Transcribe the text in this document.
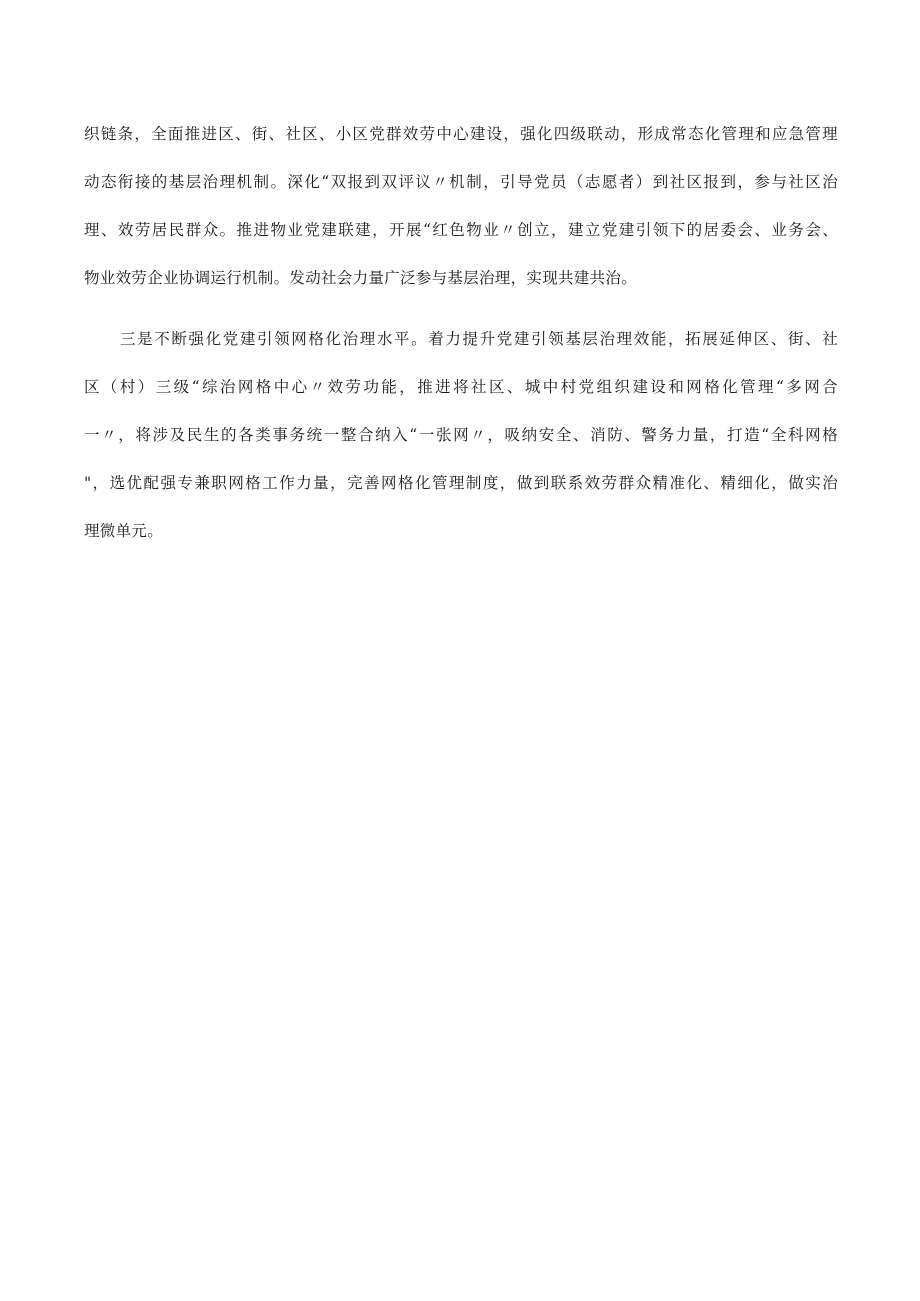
织链条，全面推进区、街、社区、小区党群效劳中心建设，强化四级联动，形成常态化管理和应急管理
动态衔接的基层治理机制。深化“双报到双评议〃机制，引导党员（志愿者）到社区报到，参与社区治
理、效劳居民群众。推进物业党建联建，开展“红色物业〃创立，建立党建引领下的居委会、业务会、
物业效劳企业协调运行机制。发动社会力量广泛参与基层治理，实现共建共治。
三是不断强化党建引领网格化治理水平。着力提升党建引领基层治理效能，拓展延伸区、街、社
区（村）三级“综治网格中心〃效劳功能，推进将社区、城中村党组织建设和网格化管理“多网合
一〃，将涉及民生的各类事务统一整合纳入“一张网〃，吸纳安全、消防、警务力量，打造“全科网格
"，选优配强专兼职网格工作力量，完善网格化管理制度，做到联系效劳群众精准化、精细化，做实治
理微单元。
